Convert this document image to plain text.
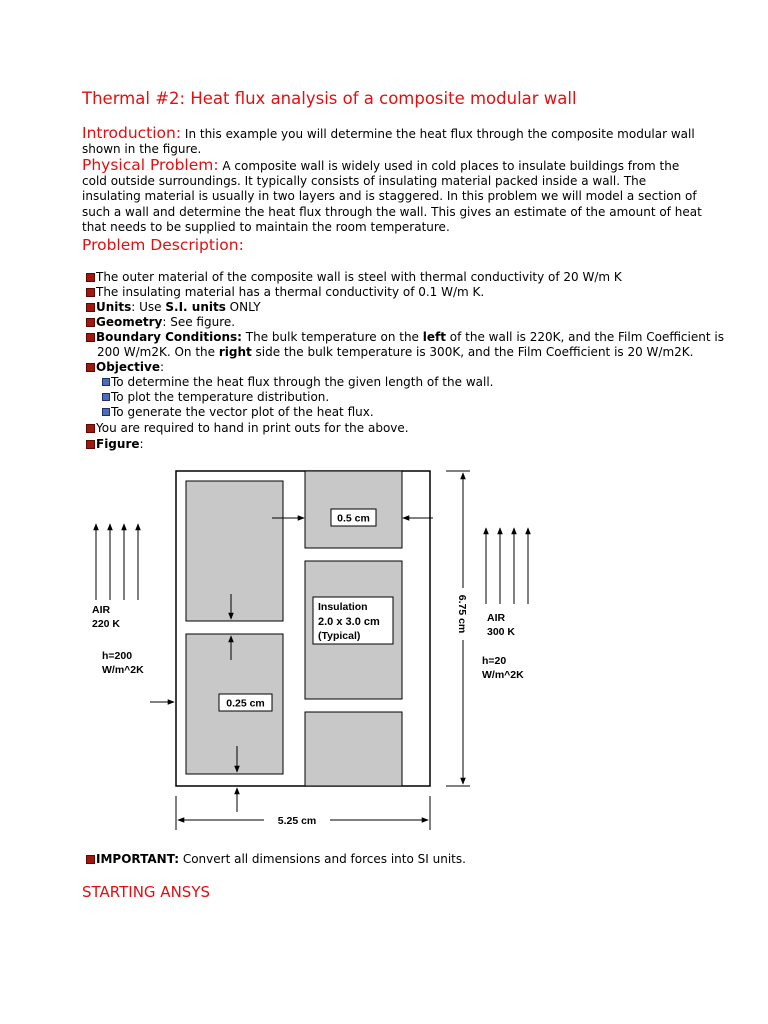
Thermal #2: Heat flux analysis of a composite modular wall
Introduction: In this example you will determine the heat flux through the composite modular wall shown in the figure.
Physical Problem: A composite wall is widely used in cold places to insulate buildings from the cold outside surroundings. It typically consists of insulating material packed inside a wall. The insulating material is usually in two layers and is staggered. In this problem we will model a section of such a wall and determine the heat flux through the wall. This gives an estimate of the amount of heat that needs to be supplied to maintain the room temperature.
Problem Description:
The outer material of the composite wall is steel with thermal conductivity of 20 W/m K
The insulating material has a thermal conductivity of 0.1 W/m K.
Units: Use S.I. units ONLY
Geometry: See figure.
Boundary Conditions: The bulk temperature on the left of the wall is 220K, and the Film Coefficient is
200 W/m2K. On the right side the bulk temperature is 300K, and the Film Coefficient is 20 W/m2K.
Objective:
To determine the heat flux through the given length of the wall.
To plot the temperature distribution.
To generate the vector plot of the heat flux.
You are required to hand in print outs for the above.
Figure:
0.5 cm
Insulation
2.0 x 3.0 cm
(Typical)
0.25 cm
6.75 cm
5.25 cm
AIR
220 K
h=200
W/m^2K
AIR
300 K
h=20
W/m^2K
IMPORTANT: Convert all dimensions and forces into SI units.
STARTING ANSYS
